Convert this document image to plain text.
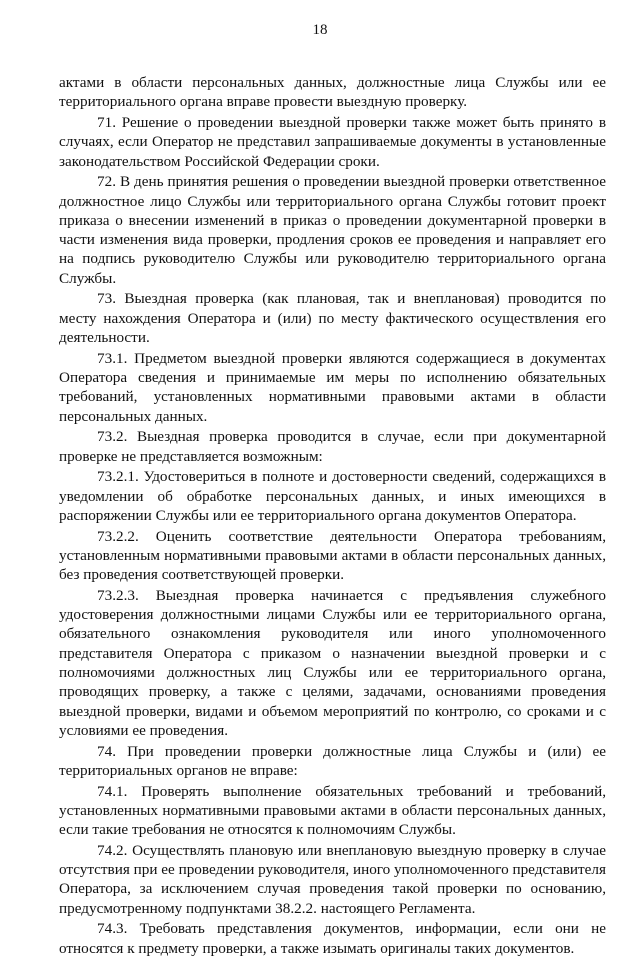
18

актами в области персональных данных, должностные лица Службы или ее территориального органа вправе провести выездную проверку.

71. Решение о проведении выездной проверки также может быть принято в случаях, если Оператор не представил запрашиваемые документы в установленные законодательством Российской Федерации сроки.

72. В день принятия решения о проведении выездной проверки ответственное должностное лицо Службы или территориального органа Службы готовит проект приказа о внесении изменений в приказ о проведении документарной проверки в части изменения вида проверки, продления сроков ее проведения и направляет его на подпись руководителю Службы или руководителю территориального органа Службы.

73. Выездная проверка (как плановая, так и внеплановая) проводится по месту нахождения Оператора и (или) по месту фактического осуществления его деятельности.

73.1. Предметом выездной проверки являются содержащиеся в документах Оператора сведения и принимаемые им меры по исполнению обязательных требований, установленных нормативными правовыми актами в области персональных данных.

73.2. Выездная проверка проводится в случае, если при документарной проверке не представляется возможным:

73.2.1. Удостовериться в полноте и достоверности сведений, содержащихся в уведомлении об обработке персональных данных, и иных имеющихся в распоряжении Службы или ее территориального органа документов Оператора.

73.2.2. Оценить соответствие деятельности Оператора требованиям, установленным нормативными правовыми актами в области персональных данных, без проведения соответствующей проверки.

73.2.3. Выездная проверка начинается с предъявления служебного удостоверения должностными лицами Службы или ее территориального органа, обязательного ознакомления руководителя или иного уполномоченного представителя Оператора с приказом о назначении выездной проверки и с полномочиями должностных лиц Службы или ее территориального органа, проводящих проверку, а также с целями, задачами, основаниями проведения выездной проверки, видами и объемом мероприятий по контролю, со сроками и с условиями ее проведения.

74. При проведении проверки должностные лица Службы и (или) ее территориальных органов не вправе:

74.1. Проверять выполнение обязательных требований и требований, установленных нормативными правовыми актами в области персональных данных, если такие требования не относятся к полномочиям Службы.

74.2. Осуществлять плановую или внеплановую выездную проверку в случае отсутствия при ее проведении руководителя, иного уполномоченного представителя Оператора, за исключением случая проведения такой проверки по основанию, предусмотренному подпунктами 38.2.2. настоящего Регламента.

74.3. Требовать представления документов, информации, если они не относятся к предмету проверки, а также изымать оригиналы таких документов.
